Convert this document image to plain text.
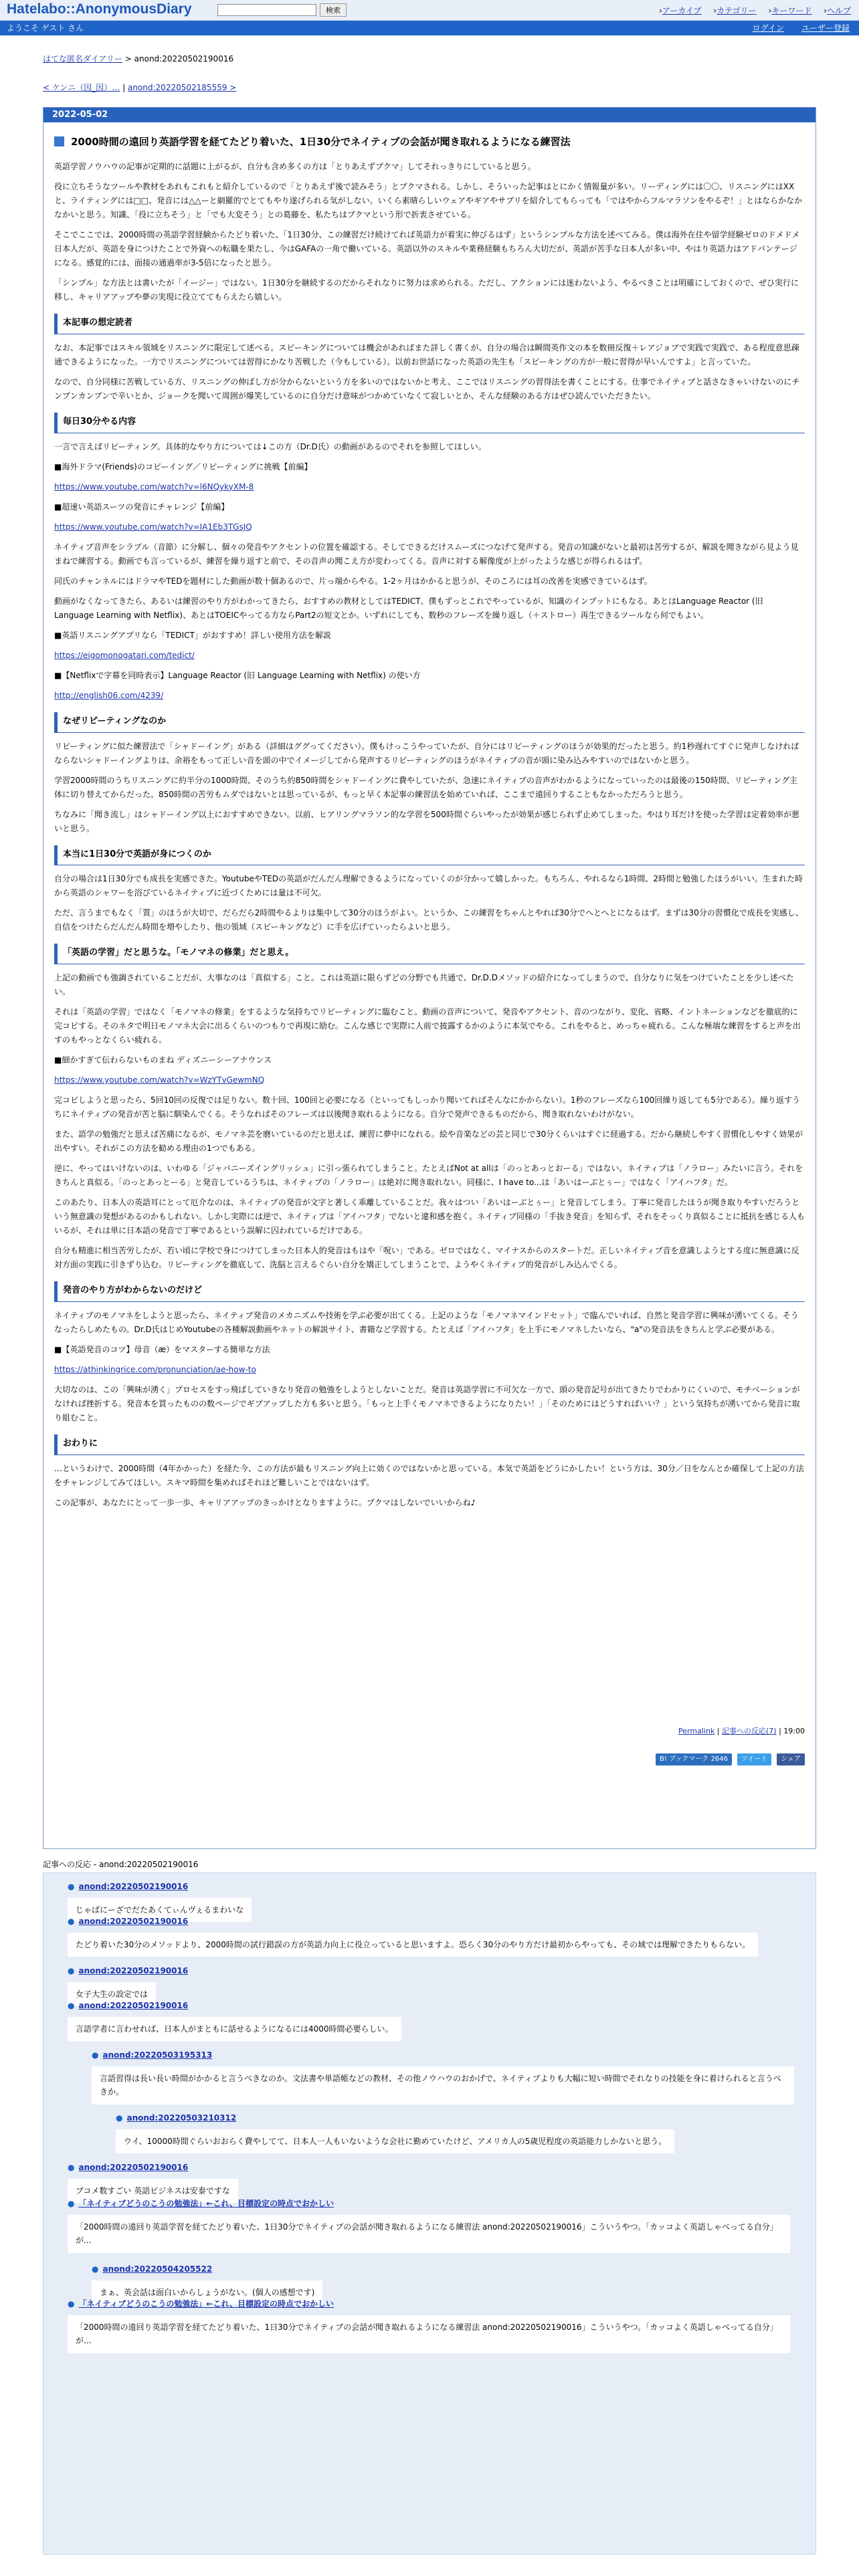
Hatelabo::AnonymousDiary	検索	›アーカイブ ›カテゴリー ›キーワード ›ヘルプ
ようこそ ゲスト さん	ログイン ユーザー登録
はてな匿名ダイアリー > anond:20220502190016
< ケンニ（因_因）… | anond:20220502185559 >
2022-05-02
2000時間の遠回り英語学習を経てたどり着いた、1日30分でネイティブの会話が聞き取れるようになる練習法

英語学習ノウハウの記事が定期的に話題に上がるが、自分も含め多くの方は「とりあえずブクマ」してそれっきりにしていると思う。

役に立ちそうなツールや教材をあれもこれもと紹介しているので「とりあえず後で読みそう」とブクマされる。しかし、そういった記事はとにかく情報量が多い。リーディングには〇〇、リスニングにはXXと、ライティングには□□、発音には△△ーと網羅的でとてもやり遂げられる気がしない。いくら素晴らしいウェアやギアやサプリを紹介してもらっても「ではやからフルマラソンをやるぞ！」とはならかなかなかいと思う。知識、「役に立ちそう」と「でも大変そう」との葛藤を、私たちはブクマという形で折衷させている。

そこでここでは、2000時間の英語学習経験からたどり着いた、「1日30分、この練習だけ続けてれば英語力が着実に伸びるはず」というシンプルな方法を述べてみる。僕は海外在住や留学経験ゼロのドメドメ日本人だが、英語を身につけたことで外資への転職を果たし、今はGAFAの一角で働いている。英語以外のスキルや業務経験もちろん大切だが、英語が苦手な日本人が多い中、やはり英語力はアドバンテージになる。感覚的には、面接の通過率が3-5倍になったと思う。

「シンプル」な方法とは書いたが「イージー」ではない。1日30分を継続するのだからそれなりに努力は求められる。ただし、アクションには迷わないよう、やるべきことは明確にしておくので、ぜひ実行に移し、キャリアアップや夢の実現に役立ててもらえたら嬉しい。

本記事の想定読者

なお、本記事ではスキル領域をリスニングに限定して述べる。スピーキングについては機会があればまた詳しく書くが、自分の場合は瞬間英作文の本を数冊反復＋レアジョブで実践で実践で、ある程度意思疎通できるようになった。一方でリスニングについては習得にかなり苦戦した（今もしている）。以前お世話になった英語の先生も「スピーキングの方が一般に習得が早いんですよ」と言っていた。

なので、自分同様に苦戦している方、リスニングの伸ばし方が分からないという方を多いのではないかと考え、ここではリスニングの習得法を書くことにする。仕事でネイティブと話さなきゃいけないのにチンプンカンプンで辛いとか、ジョークを聞いて周囲が爆笑しているのに自分だけ意味がつかめていなくて寂しいとか、そんな経験のある方はぜひ読んでいただきたい。

毎日30分やる内容

一言で言えばリピーティング。具体的なやり方については↓この方（Dr.D氏）の動画があるのでそれを参照してほしい。

■海外ドラマ(Friends)のコピーイング／リピーティングに挑戦【前編】

https://www.youtube.com/watch?v=l6NQykyXM-8

■超速い英語スーツの発音にチャレンジ【前編】

https://www.youtube.com/watch?v=IA1Eb3TGsJQ

ネイティブ音声をシラブル（音節）に分解し、個々の発音やアクセントの位置を確認する。そしてできるだけスムーズにつなげて発声する。発音の知識がないと最初は苦労するが、解説を聞きながら見よう見まねで練習する。動画でも言っているが、練習を繰り返すと前で、その音声の聞こえ方が変わってくる。音声に対する解像度が上がったような感じが得られるはず。

同氏のチャンネルにはドラマやTEDを題材にした動画が数十個あるので、片っ端からやる。1-2ヶ月はかかると思うが、そのころには耳の改善を実感できているはず。

動画がなくなってきたら、あるいは練習のやり方がわかってきたら、おすすめの教材としてはTEDICT。僕もずっとこれでやっているが、知識のインプットにもなる。あとはLanguage Reactor (旧 Language Learning with Netflix)、あとはTOEICやってる方ならPart2の短文とか。いずれにしても、数秒のフレーズを繰り返し（＋ストロー）再生できるツールなら何でもよい。

■英語リスニングアプリなら「TEDICT」がおすすめ！詳しい使用方法を解説

https://eigomonogatari.com/tedict/

■【Netflixで字幕を同時表示】Language Reactor (旧 Language Learning with Netflix) の使い方

http://english06.com/4239/

なぜリピーティングなのか

リピーティングに似た練習法で「シャドーイング」がある（詳細はググってください）。僕もけっこうやっていたが、自分にはリピーティングのほうが効果的だったと思う。約1秒遅れてすぐに発声しなければならないシャドーイングよりは、余裕をもって正しい音を頭の中でイメージしてから発声するリピーティングのほうがネイティブの音が頭に染み込みやすいのではないかと思う。

学習2000時間のうちリスニングに約半分の1000時間、そのうち約850時間をシャドーイングに費やしていたが、急速にネイティブの音声がわかるようになっていったのは最後の150時間、リピーティング主体に切り替えてからだった。850時間の苦労もムダではないとは思っているが、もっと早く本記事の練習法を始めていれば、ここまで遠回りすることもなかっただろうと思う。

ちなみに「聞き流し」はシャドーイング以上におすすめできない。以前、ヒアリングマラソン的な学習を500時間ぐらいやったが効果が感じられず止めてしまった。やはり耳だけを使った学習は定着効率が悪いと思う。

本当に1日30分で英語が身につくのか

自分の場合は1日30分でも成長を実感できた。YoutubeやTEDの英語がだんだん理解できるようになっていくのが分かって嬉しかった。もちろん、やれるなら1時間、2時間と勉強したほうがいい。生まれた時から英語のシャワーを浴びているネイティブに近づくためには量は不可欠。

ただ、言うまでもなく「質」のほうが大切で、だらだら2時間やるよりは集中して30分のほうがよい。というか、この練習をちゃんとやれば30分でへとへとになるはず。まずは30分の習慣化で成長を実感し、自信をつけたらだんだん時間を増やしたり、他の領域（スピーキングなど）に手を広げていったらよいと思う。

「英語の学習」だと思うな。「モノマネの修業」だと思え。

上記の動画でも強調されていることだが、大事なのは「真似する」こと。これは英語に限らずどの分野でも共通で、Dr.D.Dメソッドの紹介になってしまうので、自分なりに気をつけていたことを少し述べたい。

それは「英語の学習」ではなく「モノマネの修業」をするような気持ちでリピーティングに臨むこと。動画の音声について、発音やアクセント、音のつながり、変化、省略、イントネーションなどを徹底的に完コピする。そのネタで明日モノマネ大会に出るくらいのつもりで再現に励む。こんな感じで実際に人前で披露するかのように本気でやる。これをやると、めっちゃ疲れる。こんな極端な練習をすると声を出すのもやっとなくらい疲れる。

■細かすぎて伝わらないものまね ディズニーシーアナウンス

https://www.youtube.com/watch?v=WzYTvGewmNQ

完コピしようと思ったら、5回10回の反復では足りない。数十回、100回と必要になる（といってもしっかり聞いてればそんなにかからない）。1秒のフレーズなら100回繰り返しても5分である）。繰り返すうちにネイティブの発音が苦と脳に馴染んでくる。そうなればそのフレーズは以後聞き取れるようになる。自分で発声できるものだから、聞き取れないわけがない。

また、語学の勉強だと思えば苦痛になるが、モノマネ芸を磨いているのだと思えば、練習に夢中になれる。絵や音楽などの芸と同じで30分くらいはすぐに経過する。だから継続しやすく習慣化しやすく効果が出やすい。それがこの方法を勧める理由の1つでもある。

逆に、やってはいけないのは、いわゆる「ジャパニーズイングリッシュ」に引っ張られてしまうこと。たとえばNot at allは「のっとあっとおーる」ではない。ネイティブは「ノラロー」みたいに言う。それをきちんと真似る。「のっとあっとーる」と発音しているうちは、ネイティブの「ノラロー」は絶対に聞き取れない。同様に、I have to...は「あいはーぶとぅー」ではなく「アイハフタ」だ。

このあたり、日本人の英語耳にとって厄介なのは、ネイティブの発音が文字と著しく乖離していることだ。我々はつい「あいはーぶとぅー」と発音してしまう。丁寧に発音したほうが聞き取りやすいだろうという無意識の発想があるのかもしれない。しかし実際には逆で、ネイティブは「アイハフタ」でないと違和感を抱く。ネイティブ同様の「手抜き発音」を知らず、それをそっくり真似ることに抵抗を感じる人もいるが、それは単に日本語の発音で丁寧であるという誤解に囚われているだけである。

自分も精進に相当苦労したが、若い頃に学校で身につけてしまった日本人的発音はもはや「呪い」である。ゼロではなく、マイナスからのスタートだ。正しいネイティブ音を意識しようとする度に無意識に反対方面の実践に引きずり込む。リピーティングを徹底して、洗脳と言えるぐらい自分を矯正してしまうことで、ようやくネイティブ的発音がしみ込んでくる。

発音のやり方がわからないのだけど

ネイティブのモノマネをしようと思ったら、ネイティブ発音のメカニズムや技術を学ぶ必要が出てくる。上記のような「モノマネマインドセット」で臨んでいれば、自然と発音学習に興味が湧いてくる。そうなったらしめたもの。Dr.D氏はじめYoutubeの各種解説動画やネットの解説サイト、書籍など学習する。たとえば「アイハフタ」を上手にモノマネしたいなら、"a"の発音法をきちんと学ぶ必要がある。

■【英語発音のコツ】母音（æ）をマスターする簡単な方法

https://athinkingrice.com/pronunciation/ae-how-to

大切なのは、この「興味が湧く」プロセスをすっ飛ばしていきなり発音の勉強をしようとしないことだ。発音は英語学習に不可欠な一方で、頭の発音記号が出てきたりでわかりにくいので、モチベーションがなければ挫折する。発音本を買ったものの数ページでギブアップした方も多いと思う。「もっと上手くモノマネできるようになりたい！」「そのためにはどうすればいい？」という気持ちが湧いてから発音に取り組むこと。

おわりに

…というわけで、2000時間（4年かかった）を経た今、この方法が最もリスニング向上に効くのではないかと思っている。本気で英語をどうにかしたい！という方は、30分／日をなんとか確保して上記の方法をチャレンジしてみてほしい。スキマ時間を集めればそれほど難しいことではないはず。

この記事が、あなたにとって一歩一歩、キャリアアップのきっかけとなりますように。ブクマはしないでいいからね♪

Permalink | 記事への反応(7) | 19:00
B! ブックマーク 2646 ツイート シェア
記事への反応 - anond:20220502190016
● anond:20220502190016
じゃばにーざでだたあくてぃんヴぇるまわいな
● anond:20220502190016
たどり着いた30分のメソッドより、2000時間の試行錯誤の方が英語力向上に役立っていると思いますよ。恐らく30分のやり方だけ最初からやっても、その域では理解できたりもらない。
● anond:20220502190016
女子大生の設定では
● anond:20220502190016
言語学者に言わせれば、日本人がまともに話せるようになるには4000時間必要らしい。
● anond:20220503195313
言語習得は長い長い時間がかかると言うべきなのか。文法書や単語帳などの教材、その他ノウハウのおかげで、ネイティブよりも大幅に短い時間でそれなりの技能を身に着けられると言うべきか。
● anond:20220503210312
ウイ、10000時間ぐらいおおらく費やしてて、日本人一人もいないような会社に勤めていたけど、アメリカ人の5歳児程度の英語能力しかないと思う。
● anond:20220502190016
ブコメ数すごい 英語ビジネスは安泰ですな
● 「ネイティブどうのこうの勉強法」←これ、目標設定の時点でおかしい
「2000時間の遠回り英語学習を経てたどり着いた、1日30分でネイティブの会話が聞き取れるようになる練習法 anond:20220502190016」こういうやつ。「カッコよく英語しゃべってる自分」が...
● anond:20220504205522
まぁ、英会話は面白いからしょうがない。(個人の感想です)
● 「ネイティブどうのこうの勉強法」←これ、目標設定の時点でおかしい
「2000時間の遠回り英語学習を経てたどり着いた、1日30分でネイティブの会話が聞き取れるようになる練習法 anond:20220502190016」こういうやつ。「カッコよく英語しゃべってる自分」が...
